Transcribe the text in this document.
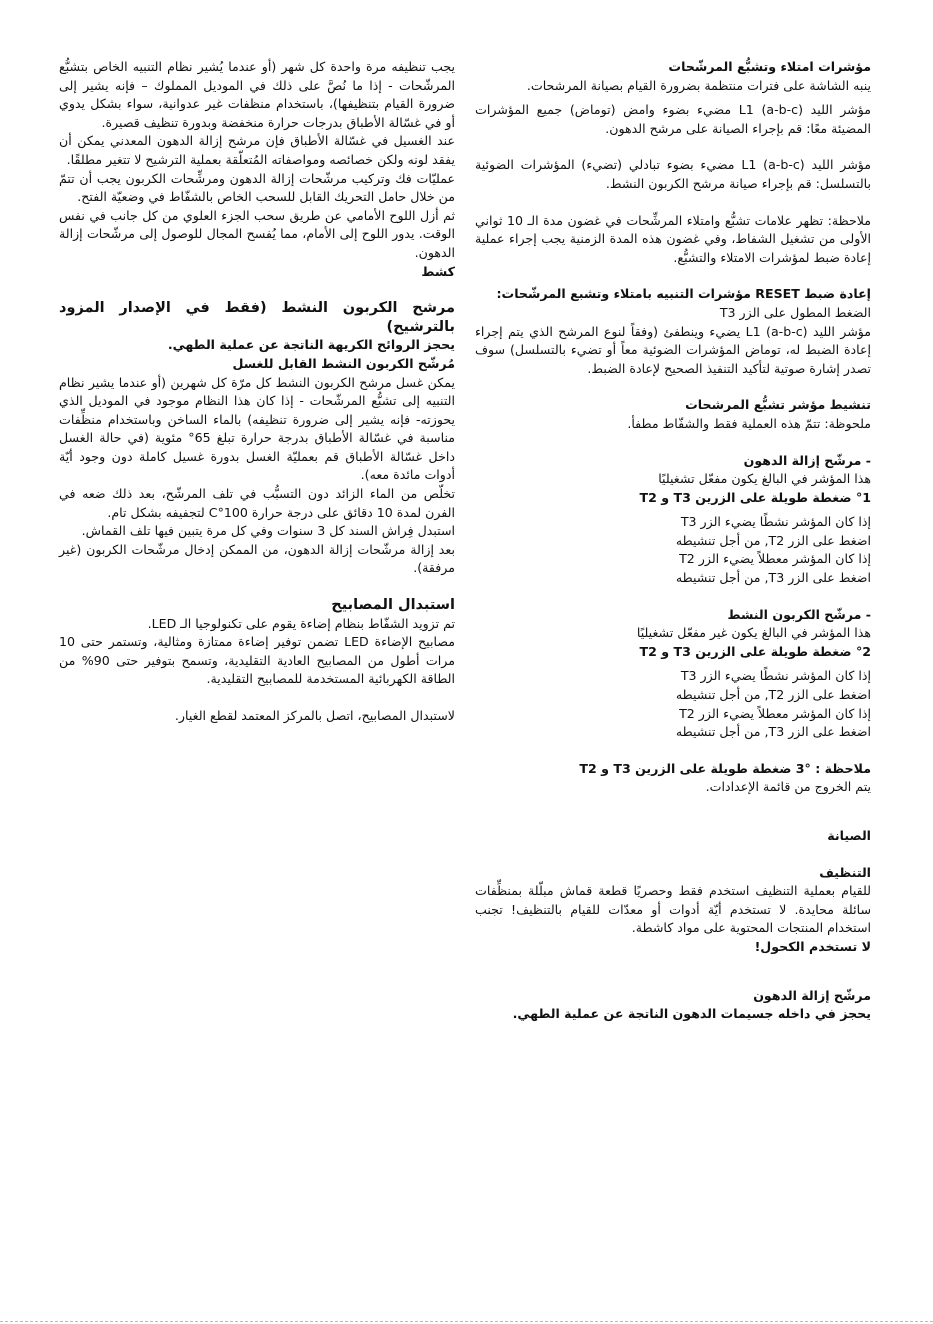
مؤشرات امتلاء وتشبُّع المرشّحات

ينبه الشاشة على فترات منتظمة بضرورة القيام بصيانة المرشحات.

مؤشر الليد L1 (a-b-c) مضيء بضوء وامض (توماض) جميع المؤشرات المضيئة معًا: قم بإجراء الصيانة على مرشح الدهون.

مؤشر الليد L1 (a-b-c) مضيء بضوء تبادلي (تضيء) المؤشرات الضوئية بالتسلسل: قم بإجراء صيانة مرشح الكربون النشط.

ملاحظة: تظهر علامات تشبُّع وامتلاء المرشِّحات في غضون مدة الـ 10 ثواني الأولى من تشغيل الشفاط، وفي غضون هذه المدة الزمنية يجب إجراء عملية إعادة ضبط لمؤشرات الامتلاء والتشبُّع.

إعادة ضبط RESET مؤشرات التنبيه بامتلاء وتشبع المرشّحات:

الضغط المطول على الزر T3

مؤشر الليد L1 (a-b-c) يضيء وينطفئ (وفقاً لنوع المرشح الذي يتم إجراء إعادة الضبط له، توماض المؤشرات الضوئية معاً أو تضيء بالتسلسل) سوف تصدر إشارة صوتية لتأكيد التنفيذ الصحيح لإعادة الضبط.

تنشيط مؤشر تشبُّع المرشحات

ملحوظة: تتمّ هذه العملية فقط والشفّاط مطفأ.

- مرشّح إزالة الدهون

هذا المؤشر في البالغ يكون مفعّل تشغيليًا

°1 ضغطة طويلة على الزرين T3 و T2

إذا كان المؤشر نشطًا يضيء الزر T3

اضغط على الزر T2, من أجل تنشيطه

إذا كان المؤشر معطلاً يضيء الزر T2

اضغط على الزر T3, من أجل تنشيطه

- مرشّح الكربون النشط

هذا المؤشر في البالغ يكون غير مفعّل تشغيليًا

°2 ضغطة طويلة على الزرين T3 و T2

إذا كان المؤشر نشطًا يضيء الزر T3

اضغط على الزر T2, من أجل تنشيطه

إذا كان المؤشر معطلاً يضيء الزر T2

اضغط على الزر T3, من أجل تنشيطه

ملاحظة : °3 ضغطة طويلة على الزرين T3 و T2

يتم الخروج من قائمة الإعدادات.

الصيانة

التنظيف

للقيام بعملية التنظيف استخدم فقط وحصريًا قطعة قماش مبلّلة بمنظِّفات سائلة محايدة. لا تستخدم أيّة أدوات أو معدّات للقيام بالتنظيف! تجنب استخدام المنتجات المحتوية على مواد كاشطة.

لا تستخدم الكحول!

مرشّح إزالة الدهون

يحجز في داخله جسيمات الدهون الناتجة عن عملية الطهي.

يجب تنظيفه مرة واحدة كل شهر (أو عندما يُشير نظام التنبيه الخاص بتشبُّع المرشّحات - إذا ما نُصَّ على ذلك في الموديل المملوك – فإنه يشير إلى ضرورة القيام بتنظيفها)، باستخدام منظفات غير عدوانية، سواء بشكل يدوي أو في غسّالة الأطباق بدرجات حرارة منخفضة وبدورة تنظيف قصيرة.

عند الغسيل في غسّالة الأطباق فإن مرشح إزالة الدهون المعدني يمكن أن يفقد لونه ولكن خصائصه ومواصفاته المُتعلّقة بعملية الترشيح لا تتغير مطلقًا.

عمليّات فك وتركيب مرشّحات إزالة الدهون ومرشِّحات الكربون يجب أن تتمّ من خلال حامل التحريك القابل للسحب الخاص بالشفّاط في وضعيّة الفتح.

ثم أزل اللوح الأمامي عن طريق سحب الجزء العلوي من كل جانب في نفس الوقت. يدور اللوح إلى الأمام، مما يُفسح المجال للوصول إلى مرشّحات إزالة الدهون.

كشط

مرشح الكربون النشط (فقط في الإصدار المزود بالترشيح)

يحجز الروائح الكريهة الناتجة عن عملية الطهي.

مُرشّح الكربون النشط القابل للغسل

يمكن غسل مرشح الكربون النشط كل مرّة كل شهرين (أو عندما يشير نظام التنبيه إلى تشبُّع المرشّحات - إذا كان هذا النظام موجود في الموديل الذي يحوزته- فإنه يشير إلى ضرورة تنظيفه) بالماء الساخن وباستخدام منظِّفات مناسبة في غسّالة الأطباق بدرجة حرارة تبلغ 65° مئوية (في حالة الغسل داخل غسّالة الأطباق قم بعمليّة الغسل بدورة غسيل كاملة دون وجود أيّة أدوات مائدة معه).

تخلّص من الماء الزائد دون التسبُّب في تلف المرشّح، بعد ذلك ضعه في الفرن لمدة 10 دقائق على درجة حرارة 100°C لتجفيفه بشكل تام.

استبدل فِراش السند كل 3 سنوات وفي كل مرة يتبين فيها تلف القماش.

بعد إزالة مرشّحات إزالة الدهون، من الممكن إدخال مرشّحات الكربون (غير مرفقة).

استبدال المصابيح

تم تزويد الشفّاط بنظام إضاءة يقوم على تكنولوجيا الـ LED.

مصابيح الإضاءة LED تضمن توفير إضاءة ممتازة ومثالية، وتستمر حتى 10 مرات أطول من المصابيح العادية التقليدية، وتسمح بتوفير حتى 90% من الطاقة الكهربائية المستخدمة للمصابيح التقليدية.

لاستبدال المصابيح، اتصل بالمركز المعتمد لقطع الغيار.
